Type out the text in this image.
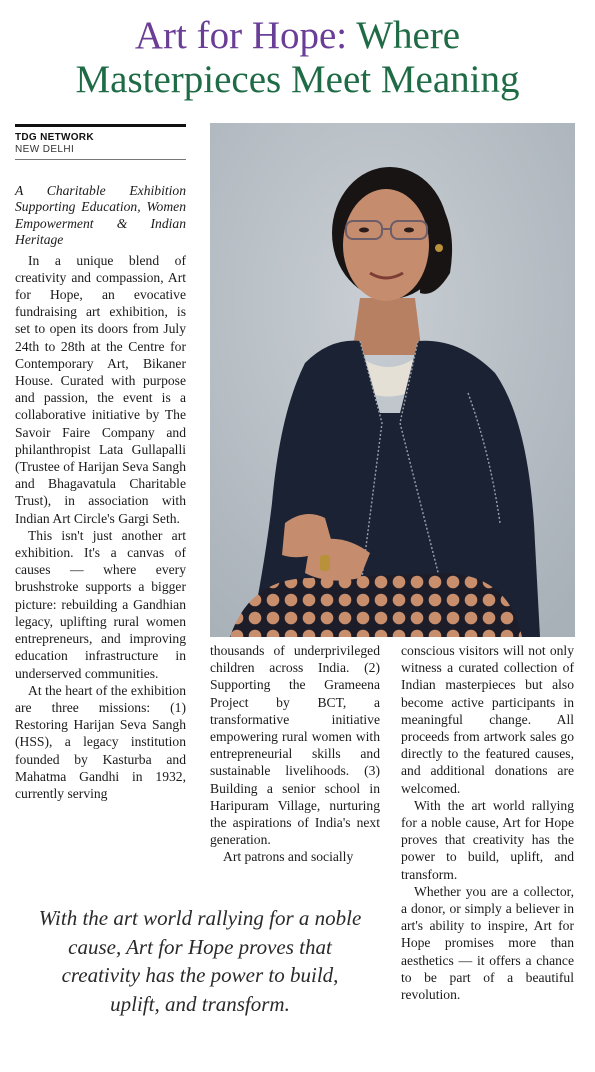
Art for Hope: Where
Masterpieces Meet Meaning
TDG NETWORK
NEW DELHI

A Charitable Exhibition Supporting Education, Women Empowerment & Indian Heritage

In a unique blend of creativity and compassion, Art for Hope, an evocative fundraising art exhibition, is set to open its doors from July 24th to 28th at the Centre for Contemporary Art, Bikaner House. Curated with purpose and passion, the event is a collaborative initiative by The Savoir Faire Company and philanthropist Lata Gullapalli (Trustee of Harijan Seva Sangh and Bhagavatula Charitable Trust), in association with Indian Art Circle's Gargi Seth.

This isn't just another art exhibition. It's a canvas of causes — where every brushstroke supports a bigger picture: rebuilding a Gandhian legacy, uplifting rural women entrepreneurs, and improving education infrastructure in underserved communities.

At the heart of the exhibition are three missions: (1) Restoring Harijan Seva Sangh (HSS), a legacy institution founded by Kasturba and Mahatma Gandhi in 1932, currently serving

thousands of underprivileged children across India. (2) Supporting the Grameena Project by BCT, a transformative initiative empowering rural women with entrepreneurial skills and sustainable livelihoods. (3) Building a senior school in Haripuram Village, nurturing the aspirations of India's next generation.

Art patrons and socially

conscious visitors will not only witness a curated collection of Indian masterpieces but also become active participants in meaningful change. All proceeds from artwork sales go directly to the featured causes, and additional donations are welcomed.

With the art world rallying for a noble cause, Art for Hope proves that creativity has the power to build, uplift, and transform.

Whether you are a collector, a donor, or simply a believer in art's ability to inspire, Art for Hope promises more than aesthetics — it offers a chance to be part of a beautiful revolution.

With the art world rallying for a noble cause, Art for Hope proves that creativity has the power to build, uplift, and transform.
